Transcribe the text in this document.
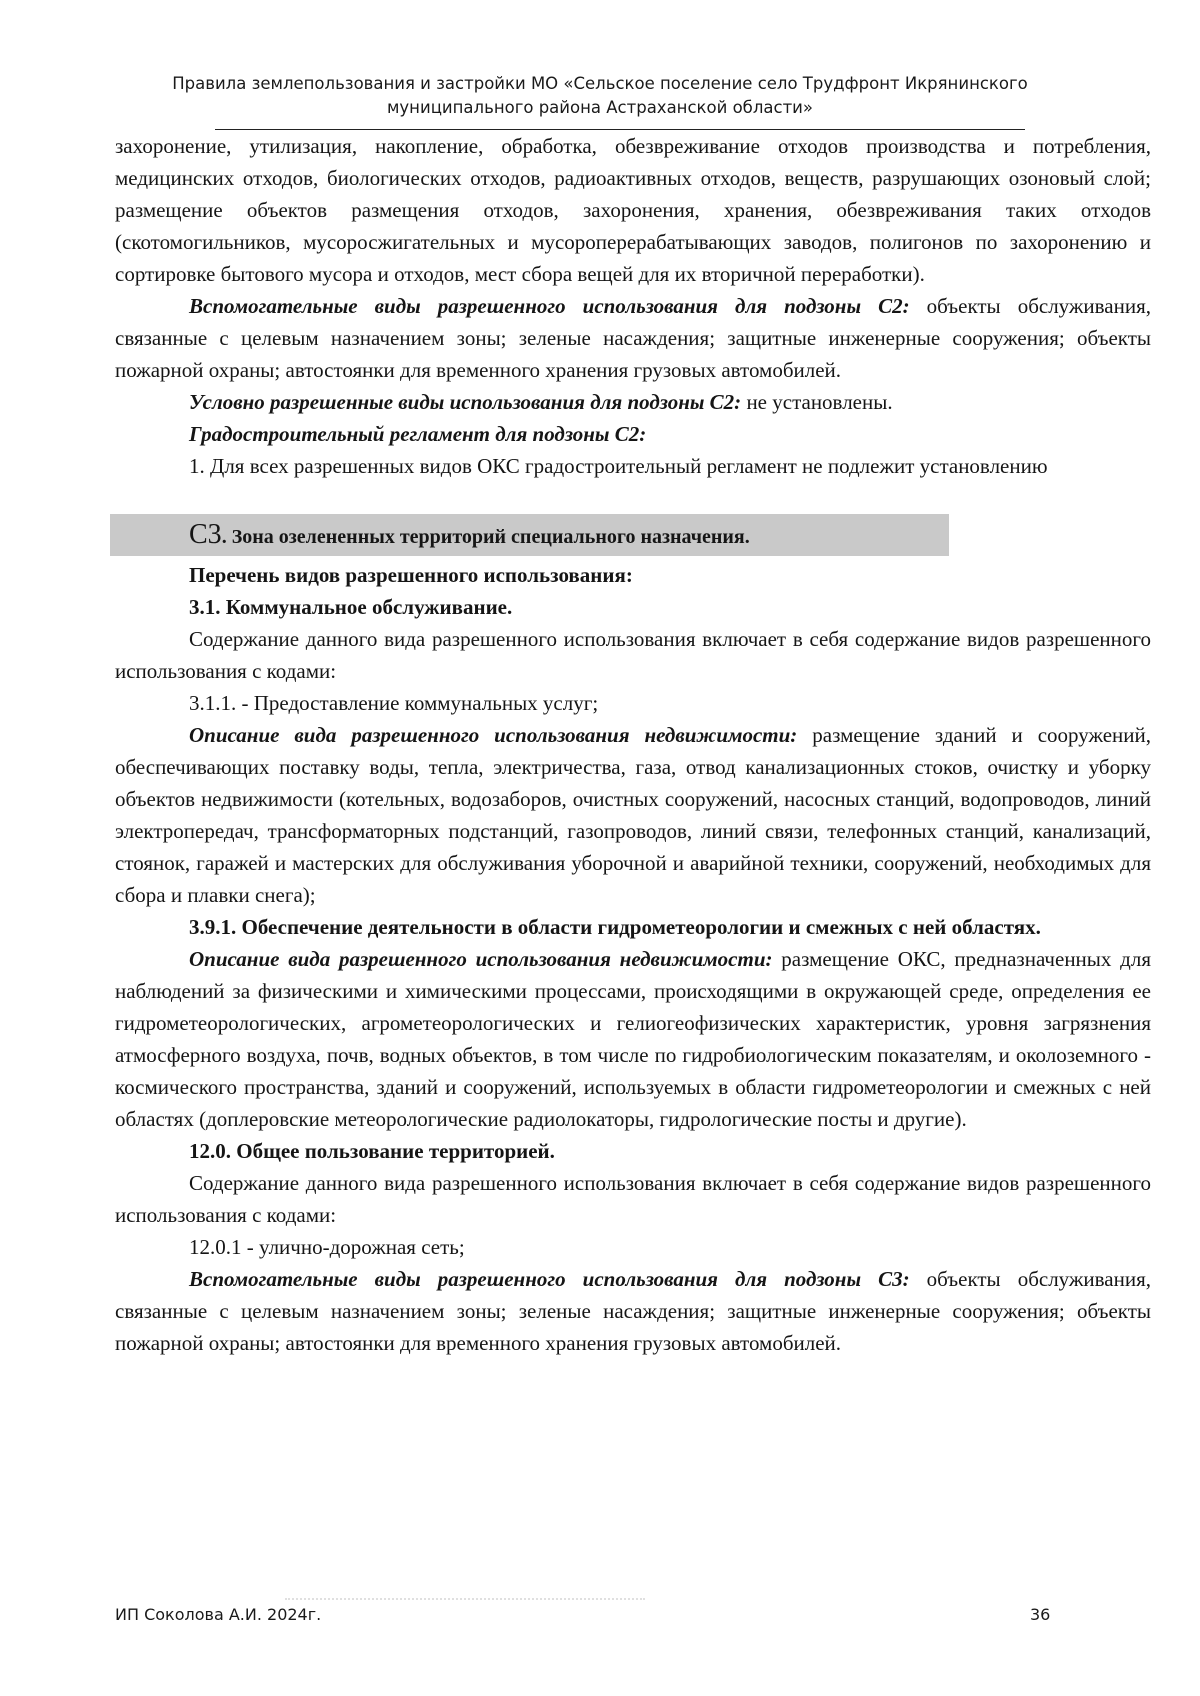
Правила землепользования и застройки МО «Сельское поселение село Трудфронт Икрянинского
муниципального района Астраханской области»

захоронение, утилизация, накопление, обработка, обезвреживание отходов производства и потребления, медицинских отходов, биологических отходов, радиоактивных отходов, веществ, разрушающих озоновый слой; размещение объектов размещения отходов, захоронения, хранения, обезвреживания таких отходов (скотомогильников, мусоросжигательных и мусороперерабатывающих заводов, полигонов по захоронению и сортировке бытового мусора и отходов, мест сбора вещей для их вторичной переработки).

Вспомогательные виды разрешенного использования для подзоны С2: объекты обслуживания, связанные с целевым назначением зоны; зеленые насаждения; защитные инженерные сооружения; объекты пожарной охраны; автостоянки для временного хранения грузовых автомобилей.

Условно разрешенные виды использования для подзоны С2: не установлены.

Градостроительный регламент для подзоны С2:

1. Для всех разрешенных видов ОКС градостроительный регламент не подлежит установлению

С3. Зона озелененных территорий специального назначения.

Перечень видов разрешенного использования:

3.1. Коммунальное обслуживание.

Содержание данного вида разрешенного использования включает в себя содержание видов разрешенного использования с кодами:

3.1.1. - Предоставление коммунальных услуг;

Описание вида разрешенного использования недвижимости: размещение зданий и сооружений, обеспечивающих поставку воды, тепла, электричества, газа, отвод канализационных стоков, очистку и уборку объектов недвижимости (котельных, водозаборов, очистных сооружений, насосных станций, водопроводов, линий электропередач, трансформаторных подстанций, газопроводов, линий связи, телефонных станций, канализаций, стоянок, гаражей и мастерских для обслуживания уборочной и аварийной техники, сооружений, необходимых для сбора и плавки снега);

3.9.1. Обеспечение деятельности в области гидрометеорологии и смежных с ней областях.

Описание вида разрешенного использования недвижимости: размещение ОКС, предназначенных для наблюдений за физическими и химическими процессами, происходящими в окружающей среде, определения ее гидрометеорологических, агрометеорологических и гелиогеофизических характеристик, уровня загрязнения атмосферного воздуха, почв, водных объектов, в том числе по гидробиологическим показателям, и околоземного - космического пространства, зданий и сооружений, используемых в области гидрометеорологии и смежных с ней областях (доплеровские метеорологические радиолокаторы, гидрологические посты и другие).

12.0. Общее пользование территорией.

Содержание данного вида разрешенного использования включает в себя содержание видов разрешенного использования с кодами:

12.0.1 - улично-дорожная сеть;

Вспомогательные виды разрешенного использования для подзоны С3: объекты обслуживания, связанные с целевым назначением зоны; зеленые насаждения; защитные инженерные сооружения; объекты пожарной охраны; автостоянки для временного хранения грузовых автомобилей.

ИП Соколова А.И. 2024г.	36
